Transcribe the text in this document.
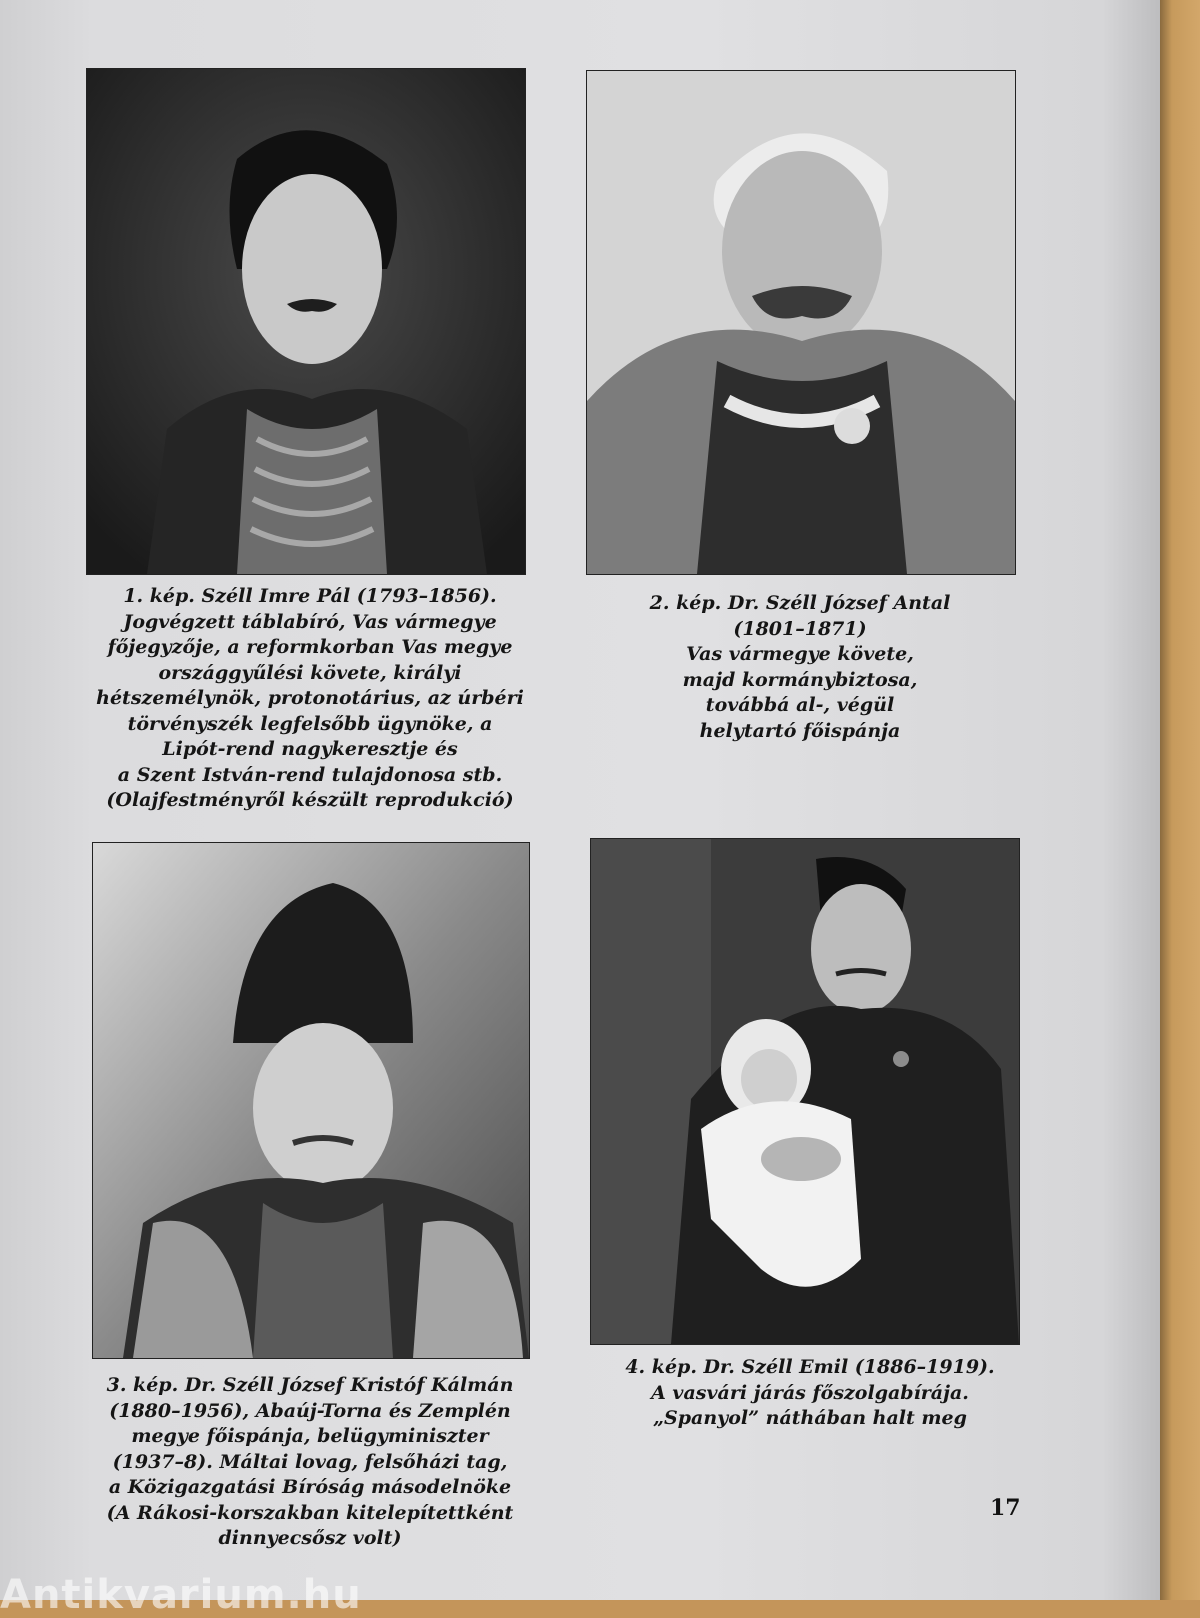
1. kép. Széll Imre Pál (1793–1856).
Jogvégzett táblabíró, Vas vármegye
főjegyzője, a reformkorban Vas megye
országgyűlési követe, királyi
hétszemélynök, protonotárius, az úrbéri
törvényszék legfelsőbb ügynöke, a
Lipót-rend nagykeresztje és
a Szent István-rend tulajdonosa stb.
(Olajfestményről készült reprodukció)

2. kép. Dr. Széll József Antal
(1801–1871)
Vas vármegye követe,
majd kormánybiztosa,
továbbá al-, végül
helytartó főispánja

3. kép. Dr. Széll József Kristóf Kálmán
(1880–1956), Abaúj-Torna és Zemplén
megye főispánja, belügyminiszter
(1937–8). Máltai lovag, felsőházi tag,
a Közigazgatási Bíróság másodelnöke
(A Rákosi-korszakban kitelepítettként
dinnyecsősz volt)

4. kép. Dr. Széll Emil (1886–1919).
A vasvári járás főszolgabírája.
„Spanyol” náthában halt meg

17
Antikvarium.hu
